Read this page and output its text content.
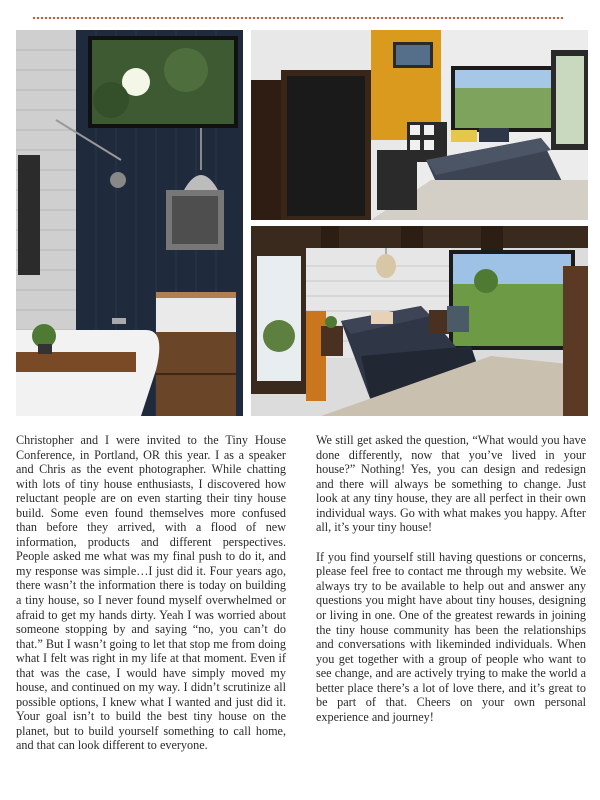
Christopher and I were invited to the Tiny House Conference, in Portland, OR this year. I as a speaker and Chris as the event photographer. While chatting with lots of tiny house enthusiasts, I discovered how reluctant people are on even starting their tiny house build. Some even found themselves more confused than before they arrived, with a flood of new information, products and different perspectives. People asked me what was my final push to do it, and my response was simple…I just did it. Four years ago, there wasn’t the information there is today on building a tiny house, so I never found myself overwhelmed or afraid to get my hands dirty. Yeah I was worried about someone stopping by and saying “no, you can’t do that.” But I wasn’t going to let that stop me from doing what I felt was right in my life at that moment. Even if that was the case, I would have simply moved my house, and continued on my way. I didn’t scrutinize all possible options, I knew what I wanted and just did it. Your goal isn’t to build the best tiny house on the planet, but to build yourself something to call home, and that can look different to everyone.

We still get asked the question, “What would you have done differently, now that you’ve lived in your house?” Nothing! Yes, you can design and redesign and there will always be something to change. Just look at any tiny house, they are all perfect in their own individual ways. Go with what makes you happy. After all, it’s your tiny house!

If you find yourself still having questions or concerns, please feel free to contact me through my website. We always try to be available to help out and answer any questions you might have about tiny houses, designing or living in one. One of the greatest rewards in joining the tiny house community has been the relationships and conversations with likeminded individuals. When you get together with a group of people who want to see change, and are actively trying to make the world a better place there’s a lot of love there, and it’s great to be part of that. Cheers on your own personal experience and journey!
